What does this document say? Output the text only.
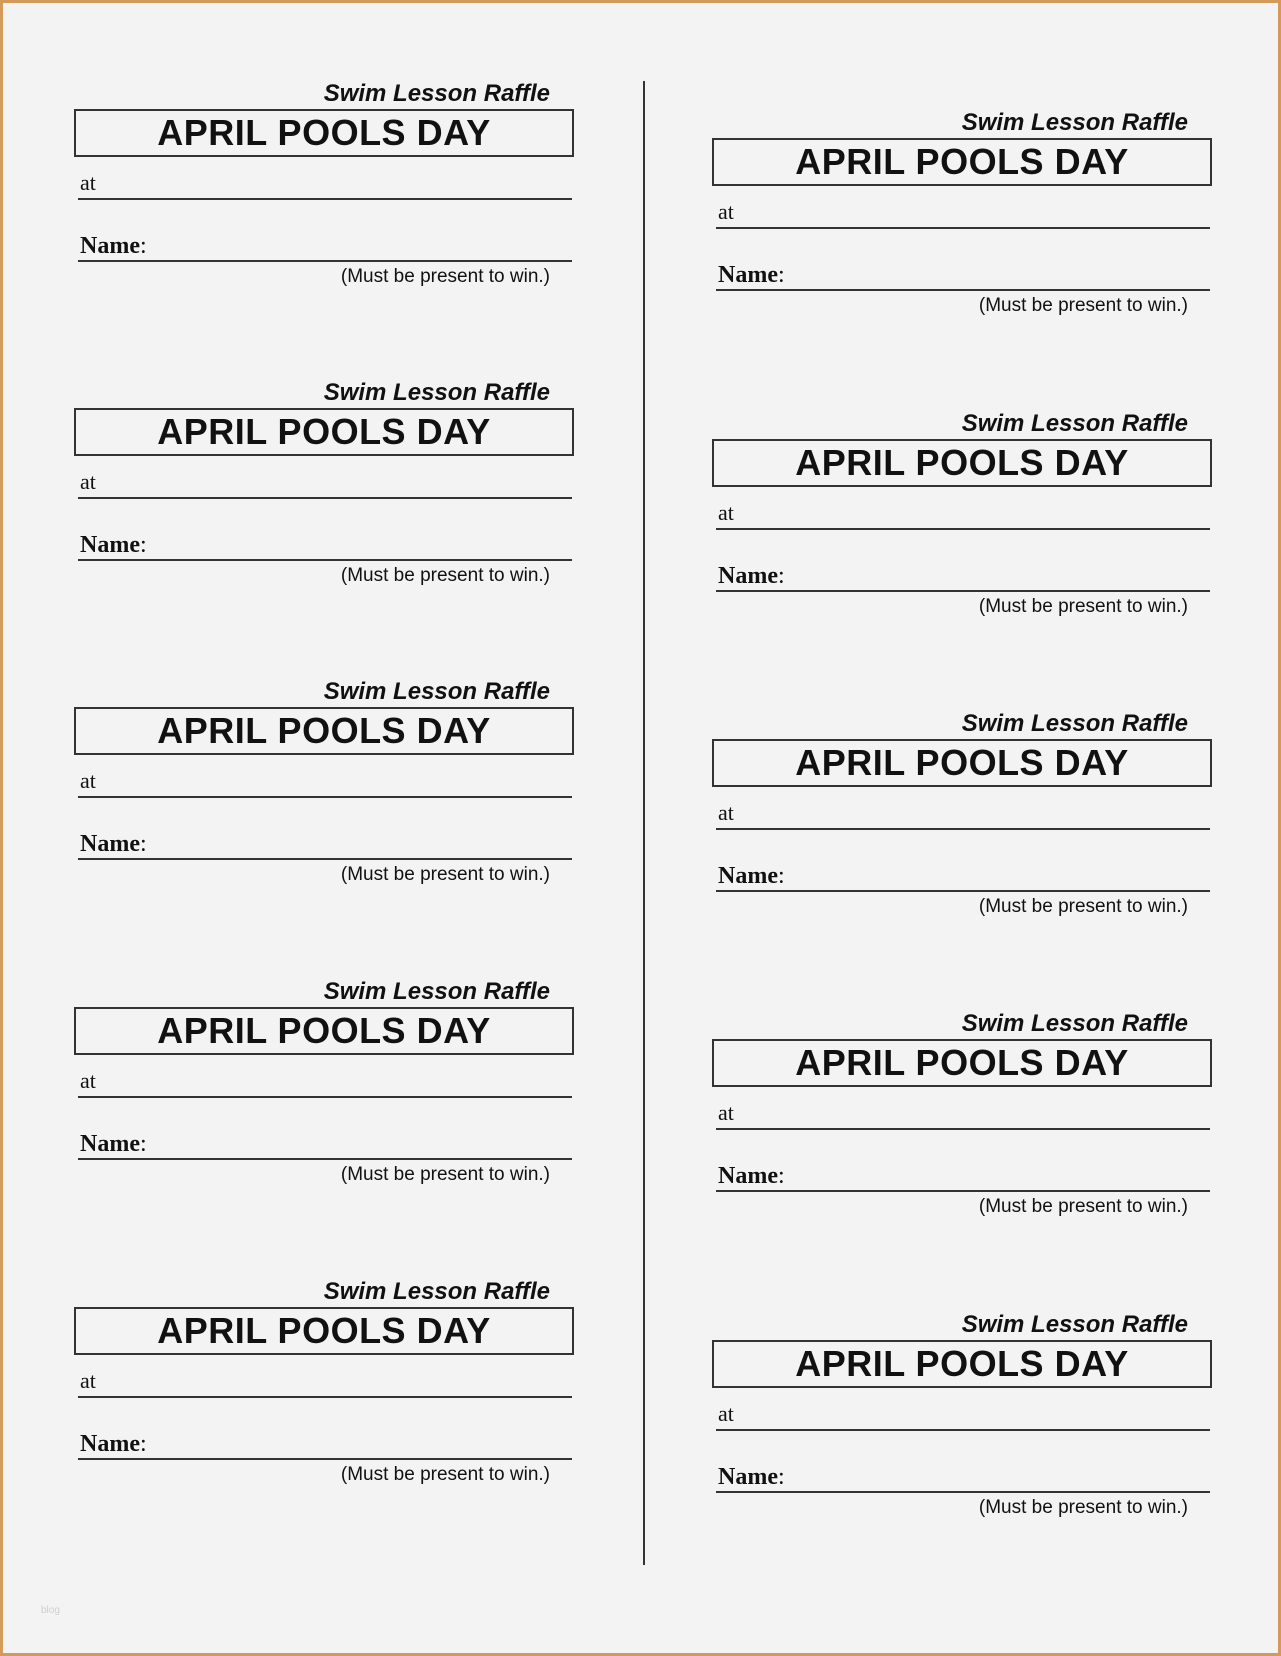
Swim Lesson Raffle
APRIL POOLS DAY
at
Name:
(Must be present to win.)
Swim Lesson Raffle
APRIL POOLS DAY
at
Name:
(Must be present to win.)
Swim Lesson Raffle
APRIL POOLS DAY
at
Name:
(Must be present to win.)
Swim Lesson Raffle
APRIL POOLS DAY
at
Name:
(Must be present to win.)
Swim Lesson Raffle
APRIL POOLS DAY
at
Name:
(Must be present to win.)
Swim Lesson Raffle
APRIL POOLS DAY
at
Name:
(Must be present to win.)
Swim Lesson Raffle
APRIL POOLS DAY
at
Name:
(Must be present to win.)
Swim Lesson Raffle
APRIL POOLS DAY
at
Name:
(Must be present to win.)
Swim Lesson Raffle
APRIL POOLS DAY
at
Name:
(Must be present to win.)
Swim Lesson Raffle
APRIL POOLS DAY
at
Name:
(Must be present to win.)
blog
